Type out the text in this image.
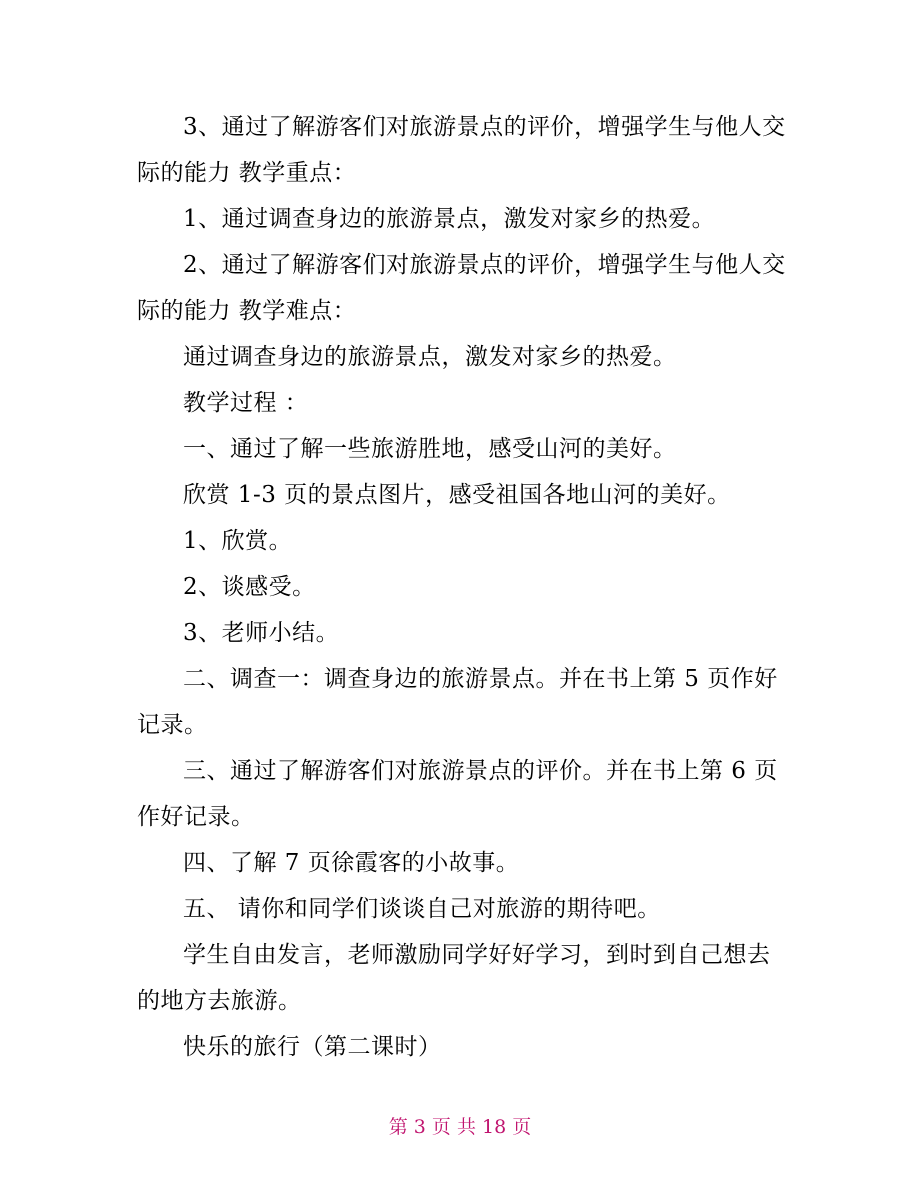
3、通过了解游客们对旅游景点的评价，增强学生与他人交际的能力 教学重点：

1、通过调查身边的旅游景点，激发对家乡的热爱。

2、通过了解游客们对旅游景点的评价，增强学生与他人交际的能力 教学难点：

通过调查身边的旅游景点，激发对家乡的热爱。

教学过程 ：

一、通过了解一些旅游胜地，感受山河的美好。

欣赏 1-3 页的景点图片，感受祖国各地山河的美好。

1、欣赏。

2、谈感受。

3、老师小结。

二、调查一：调查身边的旅游景点。并在书上第 5 页作好记录。

三、通过了解游客们对旅游景点的评价。并在书上第 6 页作好记录。

四、了解 7 页徐霞客的小故事。

五、 请你和同学们谈谈自己对旅游的期待吧。

学生自由发言，老师激励同学好好学习，到时到自己想去的地方去旅游。

快乐的旅行（第二课时）

第 3 页 共 18 页
